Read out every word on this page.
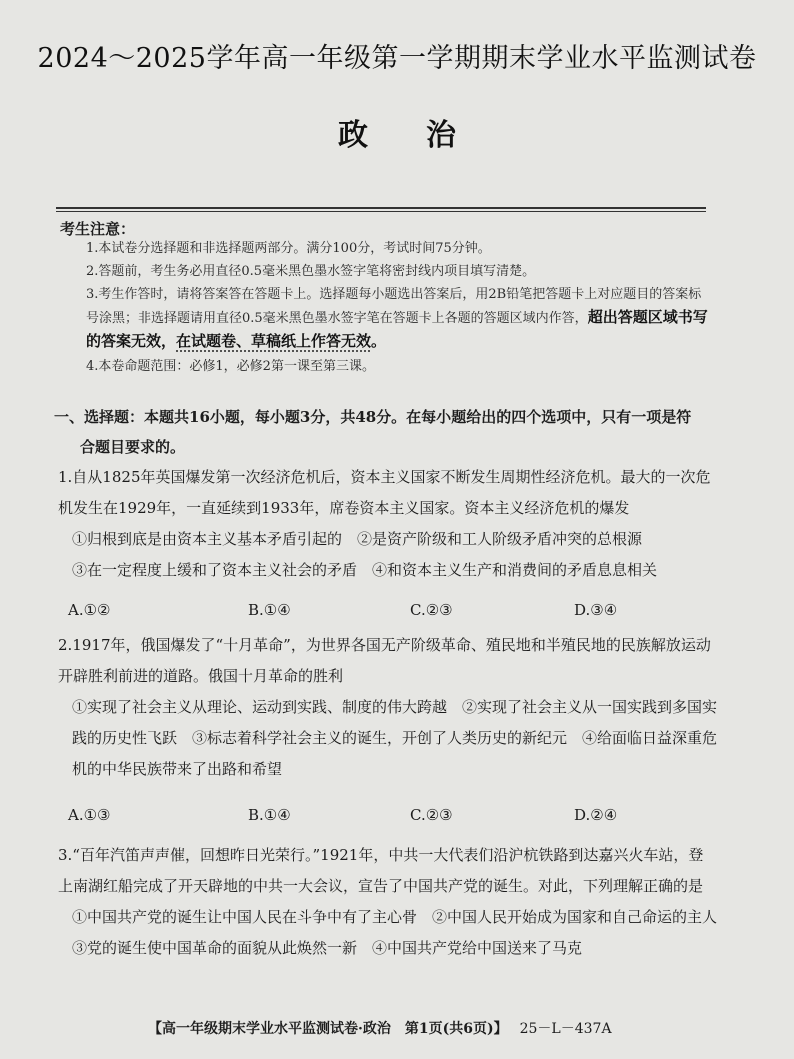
2024～2025学年高一年级第一学期期末学业水平监测试卷
政治
考生注意：
1.本试卷分选择题和非选择题两部分。满分100分，考试时间75分钟。
2.答题前，考生务必用直径0.5毫米黑色墨水签字笔将密封线内项目填写清楚。
3.考生作答时，请将答案答在答题卡上。选择题每小题选出答案后，用2B铅笔把答题卡上对应题目的答案标号涂黑；非选择题请用直径0.5毫米黑色墨水签字笔在答题卡上各题的答题区域内作答，超出答题区域书写的答案无效，在试题卷、草稿纸上作答无效。
4.本卷命题范围：必修1，必修2第一课至第三课。
一、选择题：本题共16小题，每小题3分，共48分。在每小题给出的四个选项中，只有一项是符
合题目要求的。
1.自从1825年英国爆发第一次经济危机后，资本主义国家不断发生周期性经济危机。最大的一次危机发生在1929年，一直延续到1933年，席卷资本主义国家。资本主义经济危机的爆发
①归根到底是由资本主义基本矛盾引起的　②是资产阶级和工人阶级矛盾冲突的总根源
③在一定程度上缓和了资本主义社会的矛盾　④和资本主义生产和消费间的矛盾息息相关
A.①②	B.①④	C.②③	D.③④
2.1917年，俄国爆发了“十月革命”，为世界各国无产阶级革命、殖民地和半殖民地的民族解放运动开辟胜利前进的道路。俄国十月革命的胜利
①实现了社会主义从理论、运动到实践、制度的伟大跨越　②实现了社会主义从一国实践到多国实践的历史性飞跃　③标志着科学社会主义的诞生，开创了人类历史的新纪元　④给面临日益深重危机的中华民族带来了出路和希望
A.①③	B.①④	C.②③	D.②④
3.“百年汽笛声声催，回想昨日光荣行。”1921年，中共一大代表们沿沪杭铁路到达嘉兴火车站，登上南湖红船完成了开天辟地的中共一大会议，宣告了中国共产党的诞生。对此，下列理解正确的是
①中国共产党的诞生让中国人民在斗争中有了主心骨　②中国人民开始成为国家和自己命运的主人　③党的诞生使中国革命的面貌从此焕然一新　④中国共产党给中国送来了马克
【高一年级期末学业水平监测试卷·政治　第1页(共6页)】 25－L－437A
